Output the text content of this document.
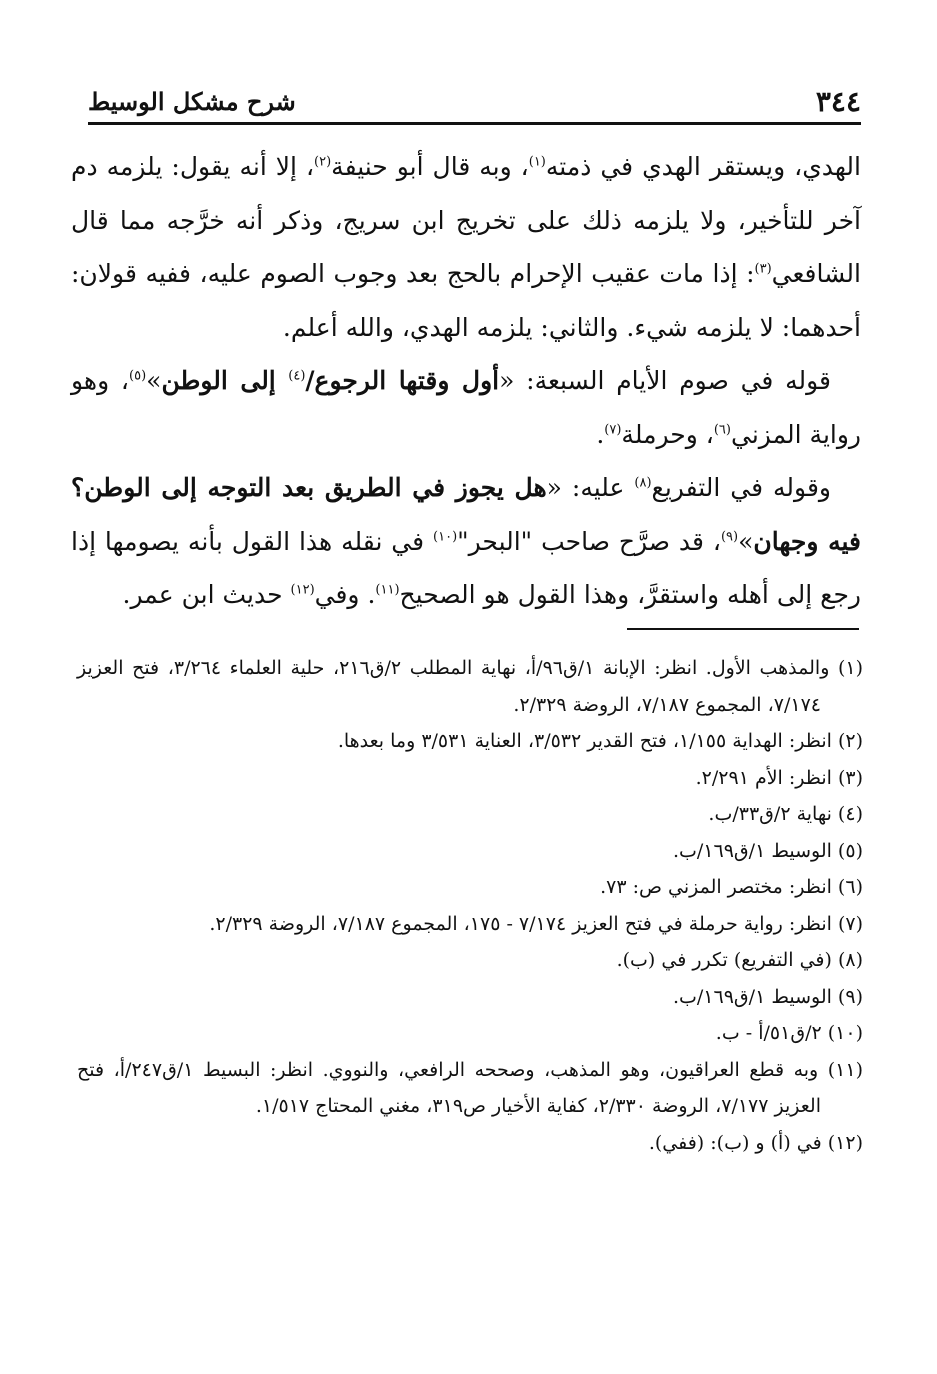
٣٤٤
شرح مشكل الوسيط

الهدي، ويستقر الهدي في ذمته$^{(١)}$، وبه قال أبو حنيفة$^{(٢)}$، إلا أنه يقول: يلزمه دم آخر للتأخير، ولا يلزمه ذلك على تخريج ابن سريج، وذكر أنه خرَّجه مما قال الشافعي$^{(٣)}$: إذا مات عقيب الإحرام بالحج بعد وجوب الصوم عليه، ففيه قولان: أحدهما: لا يلزمه شيء. والثاني: يلزمه الهدي، والله أعلم.

قوله في صوم الأيام السبعة: «أول وقتها الرجوع/$^{(٤)}$ إلى الوطن»$^{(٥)}$، وهو رواية المزني$^{(٦)}$، وحرملة$^{(٧)}$.

وقوله في التفريع$^{(٨)}$ عليه: «هل يجوز في الطريق بعد التوجه إلى الوطن؟ فيه وجهان»$^{(٩)}$، قد صرَّح صاحب "البحر"$^{(١٠)}$ في نقله هذا القول بأنه يصومها إذا رجع إلى أهله واستقرَّ، وهذا القول هو الصحيح$^{(١١)}$. وفي$^{(١٢)}$ حديث ابن عمر.

(١) والمذهب الأول. انظر: الإبانة ١/ق٩٦/أ، نهاية المطلب ٢/ق٢١٦، حلية العلماء ٣/٢٦٤، فتح العزيز ٧/١٧٤، المجموع ٧/١٨٧، الروضة ٢/٣٢٩.

(٢) انظر: الهداية ١/١٥٥، فتح القدير ٣/٥٣٢، العناية ٣/٥٣١ وما بعدها.

(٣) انظر: الأم ٢/٢٩١.

(٤) نهاية ٢/ق٣٣/ب.

(٥) الوسيط ١/ق١٦٩/ب.

(٦) انظر: مختصر المزني ص: ٧٣.

(٧) انظر: رواية حرملة في فتح العزيز ٧/١٧٤ - ١٧٥، المجموع ٧/١٨٧، الروضة ٢/٣٢٩.

(٨) (في التفريع) تكرر في (ب).

(٩) الوسيط ١/ق١٦٩/ب.

(١٠) ٢/ق٥١/أ - ب.

(١١) وبه قطع العراقيون، وهو المذهب، وصححه الرافعي، والنووي. انظر: البسيط ١/ق٢٤٧/أ، فتح العزيز ٧/١٧٧، الروضة ٢/٣٣٠، كفاية الأخيار ص٣١٩، مغني المحتاج ١/٥١٧.

(١٢) في (أ) و (ب): (ففي).
